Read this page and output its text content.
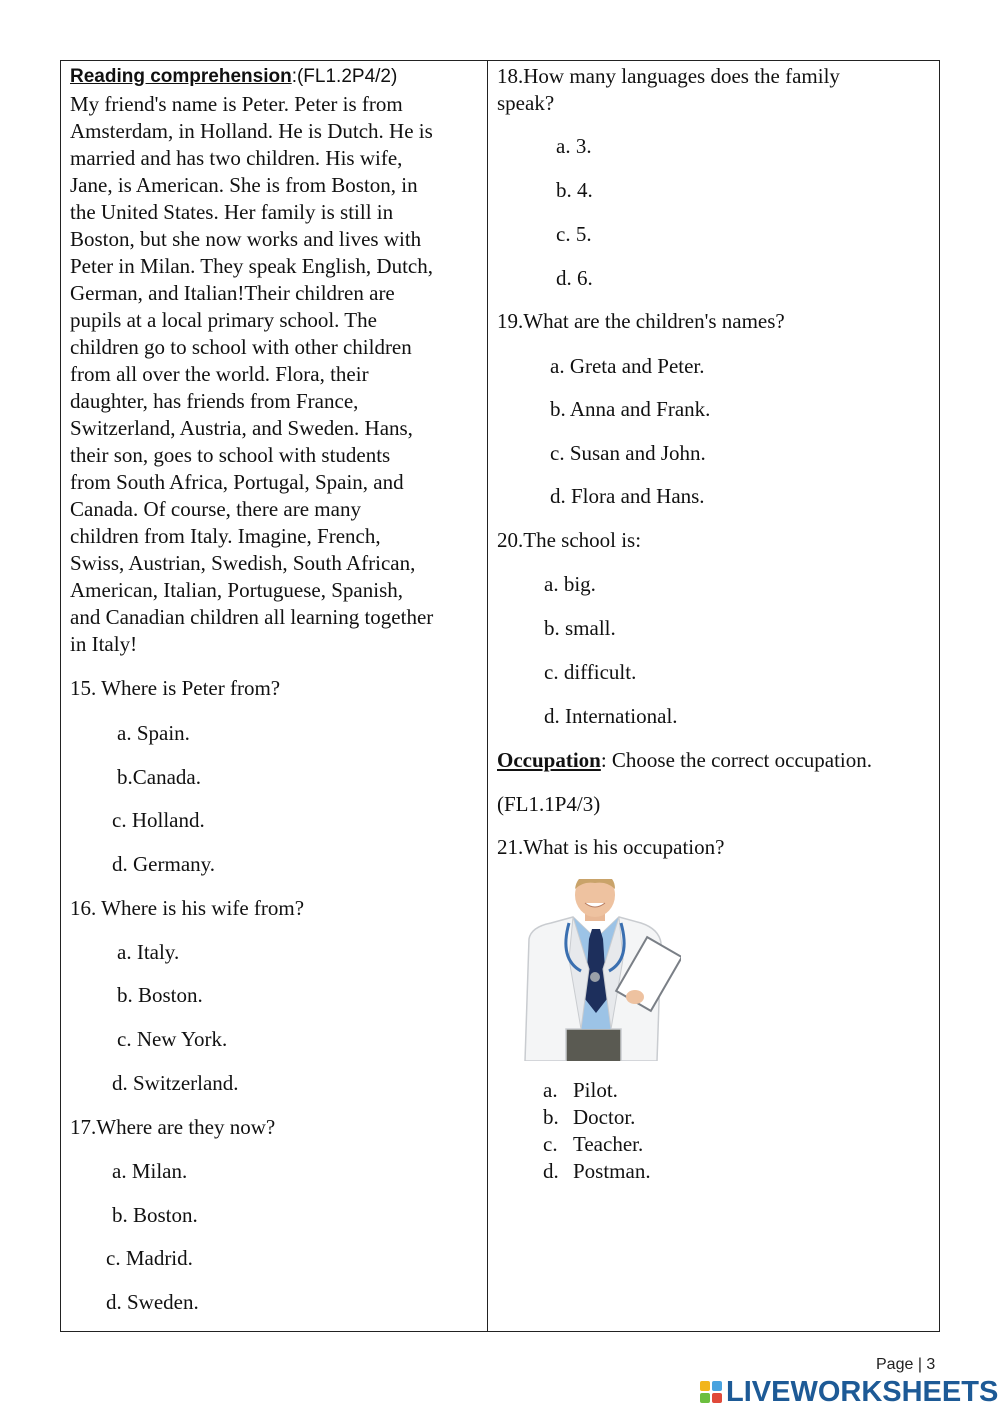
Reading comprehension:(FL1.2P4/2)
My friend's name is Peter. Peter is from
Amsterdam, in Holland. He is Dutch. He is
married and has two children. His wife,
Jane, is American. She is from Boston, in
the United States. Her family is still in
Boston, but she now works and lives with
Peter in Milan. They speak English, Dutch,
German, and Italian!Their children are
pupils at a local primary school. The
children go to school with other children
from all over the world. Flora, their
daughter, has friends from France,
Switzerland, Austria, and Sweden. Hans,
their son, goes to school with students
from South Africa, Portugal, Spain, and
Canada. Of course, there are many
children from Italy. Imagine, French,
Swiss, Austrian, Swedish, South African,
American, Italian, Portuguese, Spanish,
and Canadian children all learning together
in Italy!
15. Where is Peter from?
a. Spain.
b.Canada.
c. Holland.
d. Germany.
16. Where is his wife from?
a. Italy.
b. Boston.
c. New York.
d. Switzerland.
17.Where are they now?
a. Milan.
b. Boston.
c. Madrid.
d. Sweden.
18.How many languages does the family
speak?
a. 3.
b. 4.
c. 5.
d. 6.
19.What are the children's names?
a. Greta and Peter.
b. Anna and Frank.
c. Susan and John.
d. Flora and Hans.
20.The school is:
a. big.
b. small.
c. difficult.
d. International.
Occupation: Choose the correct occupation.
(FL1.1P4/3)
21.What is his occupation?
a. Pilot.
b. Doctor.
c. Teacher.
d. Postman.
Page | 3
LIVEWORKSHEETS
